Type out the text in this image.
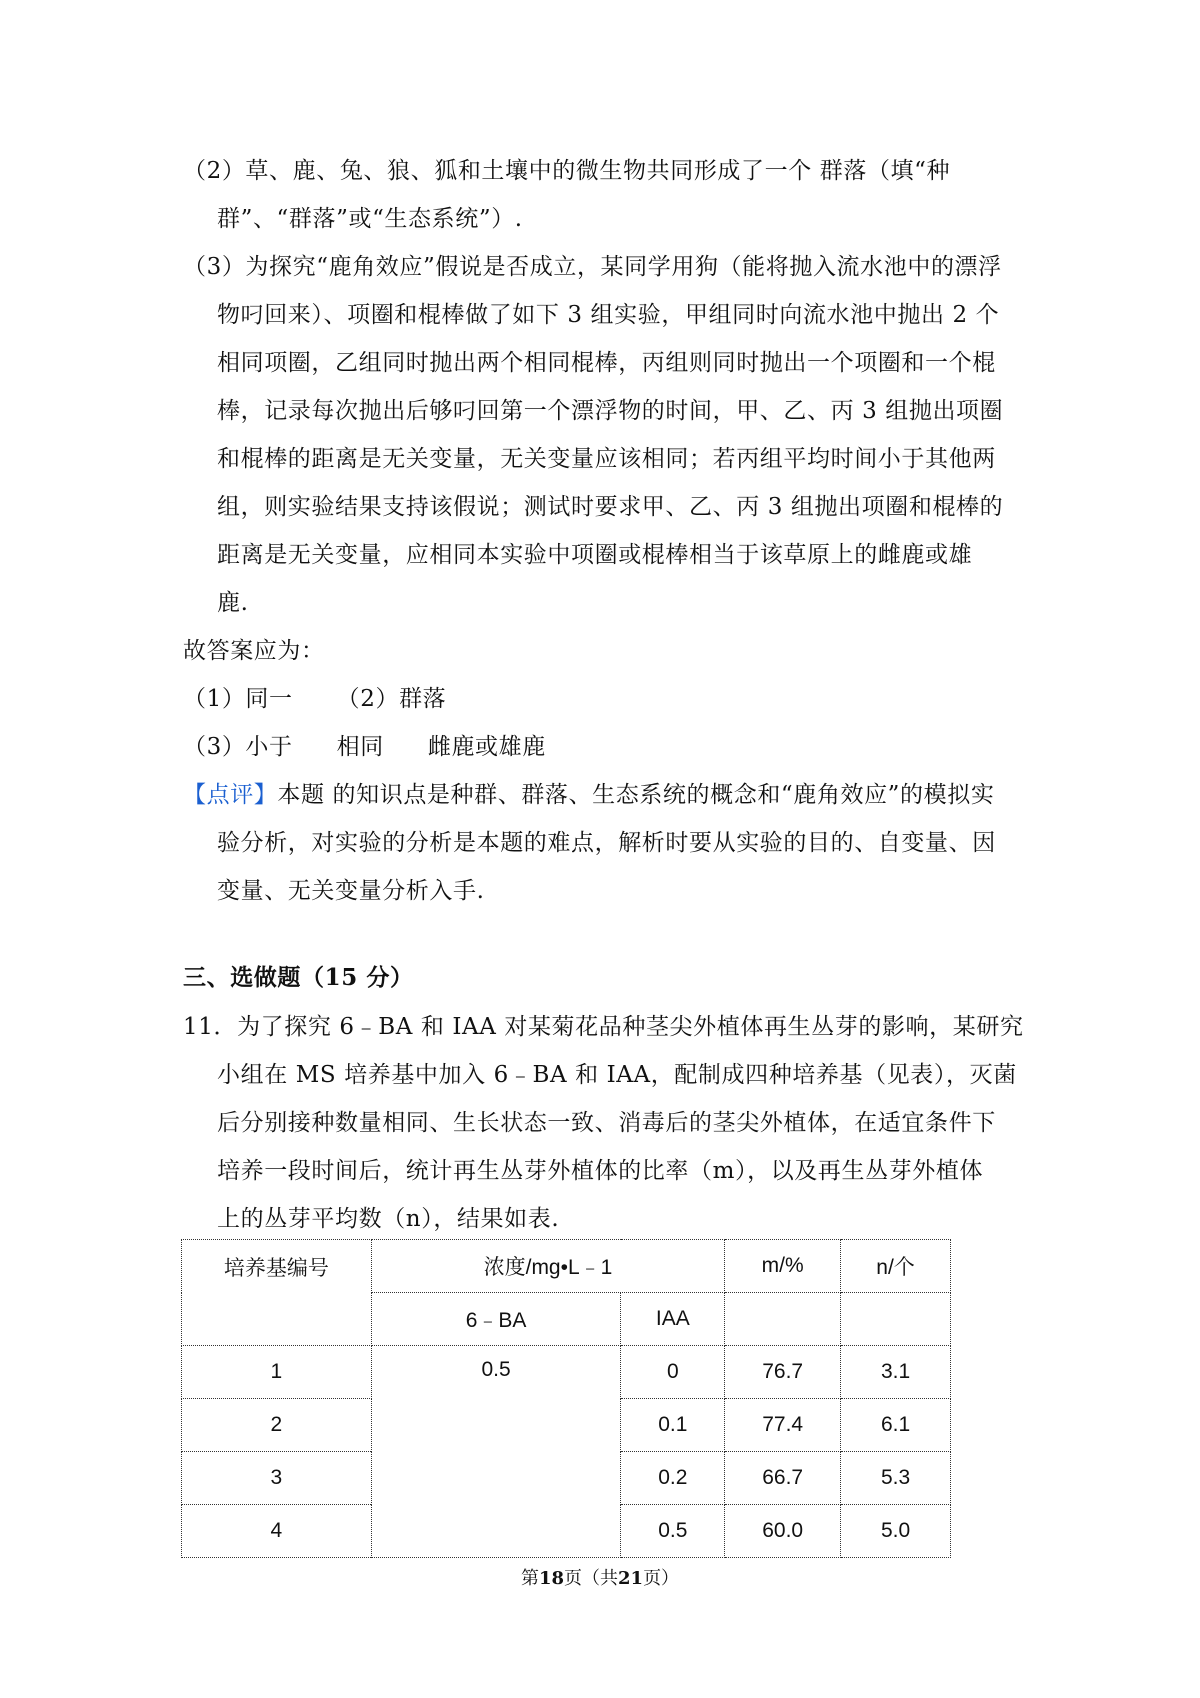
（2）草、鹿、兔、狼、狐和土壤中的微生物共同形成了一个 群落（填“种
群”、“群落”或“生态系统”）.
（3）为探究“鹿角效应”假说是否成立，某同学用狗（能将抛入流水池中的漂浮
物叼回来）、项圈和棍棒做了如下 3 组实验，甲组同时向流水池中抛出 2 个
相同项圈，乙组同时抛出两个相同棍棒，丙组则同时抛出一个项圈和一个棍
棒，记录每次抛出后够叼回第一个漂浮物的时间，甲、乙、丙 3 组抛出项圈
和棍棒的距离是无关变量，无关变量应该相同；若丙组平均时间小于其他两
组，则实验结果支持该假说；测试时要求甲、乙、丙 3 组抛出项圈和棍棒的
距离是无关变量，应相同本实验中项圈或棍棒相当于该草原上的雌鹿或雄
鹿.
故答案应为：
（1）同一 （2）群落
（3）小于 相同 雌鹿或雄鹿
【点评】本题 的知识点是种群、群落、生态系统的概念和“鹿角效应”的模拟实
验分析，对实验的分析是本题的难点，解析时要从实验的目的、自变量、因
变量、无关变量分析入手.
三、选做题（15 分）
11．为了探究 6﹣BA 和 IAA 对某菊花品种茎尖外植体再生丛芽的影响，某研究
小组在 MS 培养基中加入 6﹣BA 和 IAA，配制成四种培养基（见表），灭菌
后分别接种数量相同、生长状态一致、消毒后的茎尖外植体，在适宜条件下
培养一段时间后，统计再生丛芽外植体的比率（m），以及再生丛芽外植体
上的丛芽平均数（n），结果如表.
培养基编号	浓度/mg•L﹣1		m/%	n/个
	6﹣BA	IAA		
1	0.5	0	76.7	3.1
2		0.1	77.4	6.1
3		0.2	66.7	5.3
4		0.5	60.0	5.0
第18页（共21页）
